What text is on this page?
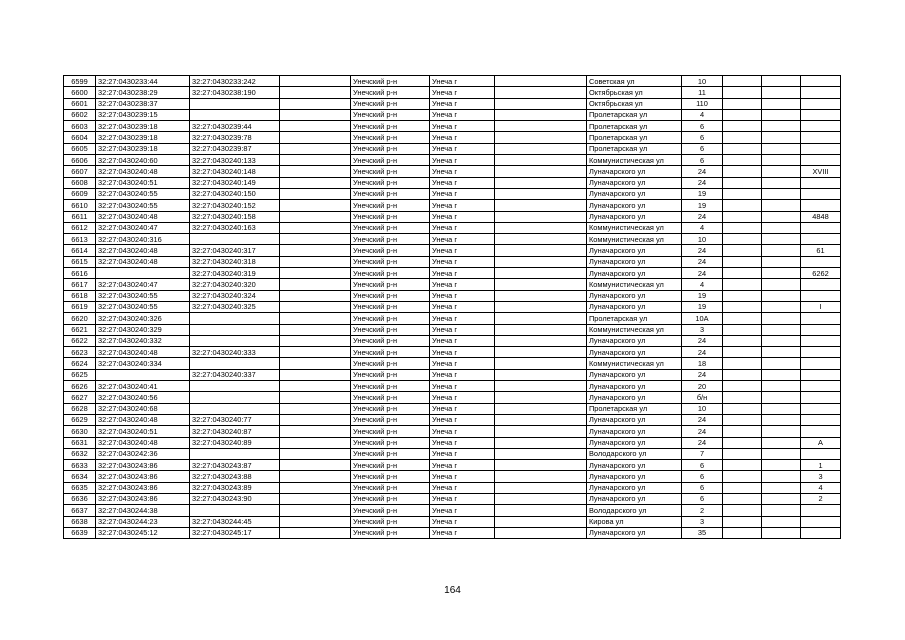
6599	32:27:0430233:44	32:27:0430233:242		Унечский р-н	Унеча г		Советская ул	10			
6600	32:27:0430238:29	32:27:0430238:190		Унечский р-н	Унеча г		Октябрьская ул	11			
6601	32:27:0430238:37			Унечский р-н	Унеча г		Октябрьская ул	110			
6602	32:27:0430239:15			Унечский р-н	Унеча г		Пролетарская ул	4			
6603	32:27:0430239:18	32:27:0430239:44		Унечский р-н	Унеча г		Пролетарская ул	6			
6604	32:27:0430239:18	32:27:0430239:78		Унечский р-н	Унеча г		Пролетарская ул	6			
6605	32:27:0430239:18	32:27:0430239:87		Унечский р-н	Унеча г		Пролетарская ул	6			
6606	32:27:0430240:60	32:27:0430240:133		Унечский р-н	Унеча г		Коммунистическая ул	6			
6607	32:27:0430240:48	32:27:0430240:148		Унечский р-н	Унеча г		Луначарского ул	24			XVIII
6608	32:27:0430240:51	32:27:0430240:149		Унечский р-н	Унеча г		Луначарского ул	24			
6609	32:27:0430240:55	32:27:0430240:150		Унечский р-н	Унеча г		Луначарского ул	19			
6610	32:27:0430240:55	32:27:0430240:152		Унечский р-н	Унеча г		Луначарского ул	19			
6611	32:27:0430240:48	32:27:0430240:158		Унечский р-н	Унеча г		Луначарского ул	24			4848
6612	32:27:0430240:47	32:27:0430240:163		Унечский р-н	Унеча г		Коммунистическая ул	4			
6613	32:27:0430240:316			Унечский р-н	Унеча г		Коммунистическая ул	10			
6614	32:27:0430240:48	32:27:0430240:317		Унечский р-н	Унеча г		Луначарского ул	24			61
6615	32:27:0430240:48	32:27:0430240:318		Унечский р-н	Унеча г		Луначарского ул	24			
6616		32:27:0430240:319		Унечский р-н	Унеча г		Луначарского ул	24			6262
6617	32:27:0430240:47	32:27:0430240:320		Унечский р-н	Унеча г		Коммунистическая ул	4			
6618	32:27:0430240:55	32:27:0430240:324		Унечский р-н	Унеча г		Луначарского ул	19			
6619	32:27:0430240:55	32:27:0430240:325		Унечский р-н	Унеча г		Луначарского ул	19			I
6620	32:27:0430240:326			Унечский р-н	Унеча г		Пролетарская ул	10А			
6621	32:27:0430240:329			Унечский р-н	Унеча г		Коммунистическая ул	3			
6622	32:27:0430240:332			Унечский р-н	Унеча г		Луначарского ул	24			
6623	32:27:0430240:48	32:27:0430240:333		Унечский р-н	Унеча г		Луначарского ул	24			
6624	32:27:0430240:334			Унечский р-н	Унеча г		Коммунистическая ул	18			
6625		32:27:0430240:337		Унечский р-н	Унеча г		Луначарского ул	24			
6626	32:27:0430240:41			Унечский р-н	Унеча г		Луначарского ул	20			
6627	32:27:0430240:56			Унечский р-н	Унеча г		Луначарского ул	б/н			
6628	32:27:0430240:68			Унечский р-н	Унеча г		Пролетарская ул	10			
6629	32:27:0430240:48	32:27:0430240:77		Унечский р-н	Унеча г		Луначарского ул	24			
6630	32:27:0430240:51	32:27:0430240:87		Унечский р-н	Унеча г		Луначарского ул	24			
6631	32:27:0430240:48	32:27:0430240:89		Унечский р-н	Унеча г		Луначарского ул	24			А
6632	32:27:0430242:36			Унечский р-н	Унеча г		Володарского ул	7			
6633	32:27:0430243:86	32:27:0430243:87		Унечский р-н	Унеча г		Луначарского ул	6			1
6634	32:27:0430243:86	32:27:0430243:88		Унечский р-н	Унеча г		Луначарского ул	6			3
6635	32:27:0430243:86	32:27:0430243:89		Унечский р-н	Унеча г		Луначарского ул	6			4
6636	32:27:0430243:86	32:27:0430243:90		Унечский р-н	Унеча г		Луначарского ул	6			2
6637	32:27:0430244:38			Унечский р-н	Унеча г		Володарского ул	2			
6638	32:27:0430244:23	32:27:0430244:45		Унечский р-н	Унеча г		Кирова ул	3			
6639	32:27:0430245:12	32:27:0430245:17		Унечский р-н	Унеча г		Луначарского ул	35			
164
